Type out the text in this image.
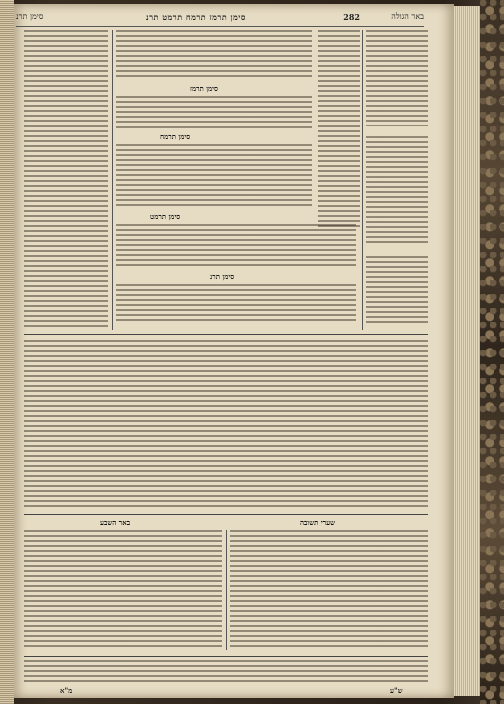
סימן תרנ	סימן תרמז תרמח תרמט תרנ	282	באר הגולה
סימן תרמז
סימן תרמח
סימן תרמט
סימן תרנ
באר השבע	שערי תשובה
מ"א	ש"ע
